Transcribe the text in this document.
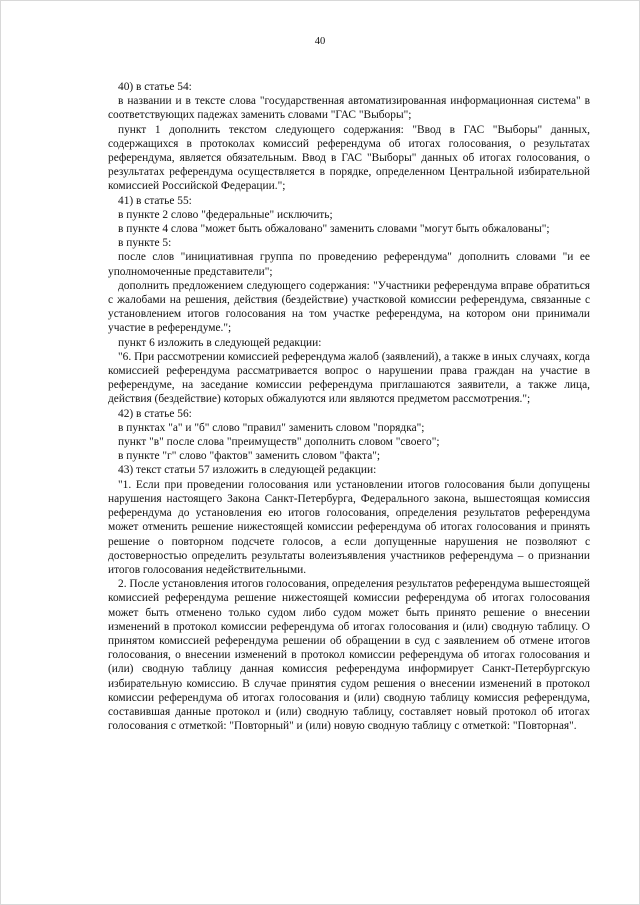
40

40) в статье 54:

в названии и в тексте слова "государственная автоматизированная информационная система" в соответствующих падежах заменить словами "ГАС "Выборы";

пункт 1 дополнить текстом следующего содержания: "Ввод в ГАС "Выборы" данных, содержащихся в протоколах комиссий референдума об итогах голосования, о результатах референдума, является обязательным. Ввод в ГАС "Выборы" данных об итогах голосования, о результатах референдума осуществляется в порядке, определенном Центральной избирательной комиссией Российской Федерации.";

41) в статье 55:

в пункте 2 слово "федеральные" исключить;

в пункте 4 слова "может быть обжаловано" заменить словами "могут быть обжалованы";

в пункте 5:

после слов "инициативная группа по проведению референдума" дополнить словами "и ее уполномоченные представители";

дополнить предложением следующего содержания: "Участники референдума вправе обратиться с жалобами на решения, действия (бездействие) участковой комиссии референдума, связанные с установлением итогов голосования на том участке референдума, на котором они принимали участие в референдуме.";

пункт 6 изложить в следующей редакции:

"6. При рассмотрении комиссией референдума жалоб (заявлений), а также в иных случаях, когда комиссией референдума рассматривается вопрос о нарушении права граждан на участие в референдуме, на заседание комиссии референдума приглашаются заявители, а также лица, действия (бездействие) которых обжалуются или являются предметом рассмотрения.";

42) в статье 56:

в пунктах "а" и "б" слово "правил" заменить словом "порядка";

пункт "в" после слова "преимуществ" дополнить словом "своего";

в пункте "г" слово "фактов" заменить словом "факта";

43) текст статьи 57 изложить в следующей редакции:

"1. Если при проведении голосования или установлении итогов голосования были допущены нарушения настоящего Закона Санкт-Петербурга, Федерального закона, вышестоящая комиссия референдума до установления ею итогов голосования, определения результатов референдума может отменить решение нижестоящей комиссии референдума об итогах голосования и принять решение о повторном подсчете голосов, а если допущенные нарушения не позволяют с достоверностью определить результаты волеизъявления участников референдума – о признании итогов голосования недействительными.

2. После установления итогов голосования, определения результатов референдума вышестоящей комиссией референдума решение нижестоящей комиссии референдума об итогах голосования может быть отменено только судом либо судом может быть принято решение о внесении изменений в протокол комиссии референдума об итогах голосования и (или) сводную таблицу. О принятом комиссией референдума решении об обращении в суд с заявлением об отмене итогов голосования, о внесении изменений в протокол комиссии референдума об итогах голосования и (или) сводную таблицу данная комиссия референдума информирует Санкт-Петербургскую избирательную комиссию. В случае принятия судом решения о внесении изменений в протокол комиссии референдума об итогах голосования и (или) сводную таблицу комиссия референдума, составившая данные протокол и (или) сводную таблицу, составляет новый протокол об итогах голосования с отметкой: "Повторный" и (или) новую сводную таблицу с отметкой: "Повторная".
